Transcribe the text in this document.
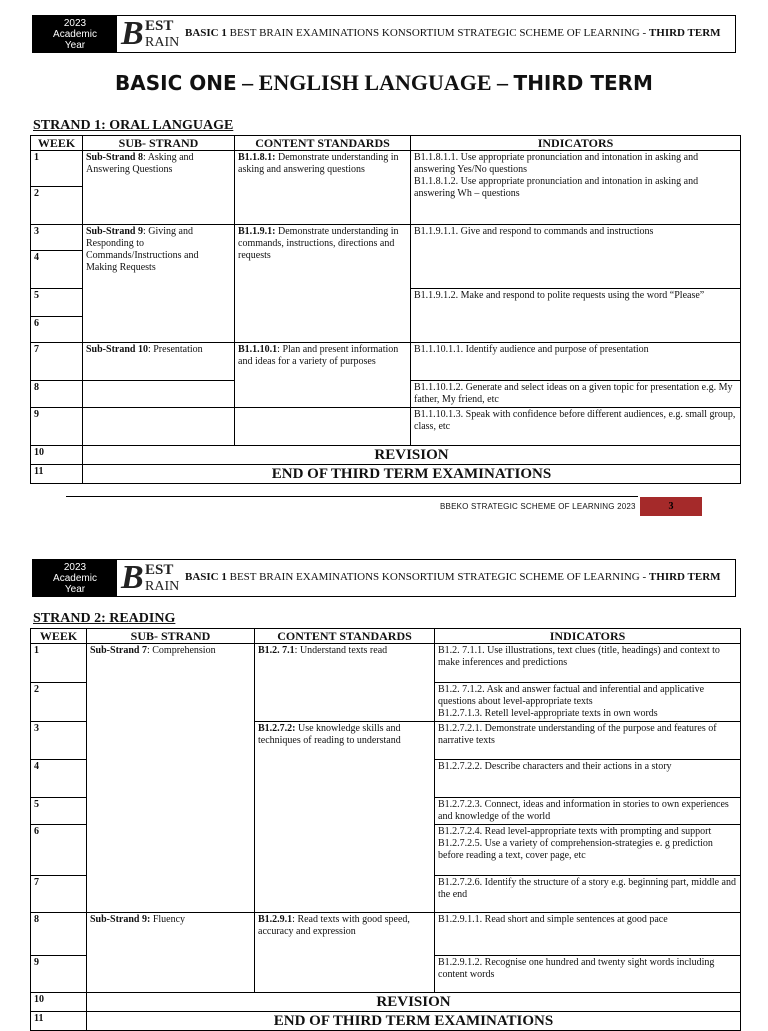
2023
Academic
Year	B EST
RAIN
BASIC 1 BEST BRAIN EXAMINATIONS KONSORTIUM STRATEGIC SCHEME OF LEARNING - THIRD TERM
BASIC ONE – ENGLISH LANGUAGE – THIRD TERM
STRAND 1: ORAL LANGUAGE
WEEK	SUB- STRAND	CONTENT STANDARDS	INDICATORS
1	Sub-Strand 8: Asking and Answering Questions	B1.1.8.1: Demonstrate understanding in asking and answering questions	B1.1.8.1.1. Use appropriate pronunciation and intonation in asking and answering Yes/No questions
B1.1.8.1.2. Use appropriate pronunciation and intonation in asking and answering Wh – questions
2			
3	Sub-Strand 9: Giving and Responding to Commands/Instructions and Making Requests	B1.1.9.1: Demonstrate understanding in commands, instructions, directions and requests	B1.1.9.1.1. Give and respond to commands and instructions
4			
5			B1.1.9.1.2. Make and respond to polite requests using the word “Please”
6			
7	Sub-Strand 10: Presentation	B1.1.10.1: Plan and present information and ideas for a variety of purposes	B1.1.10.1.1. Identify audience and purpose of presentation
8			B1.1.10.1.2. Generate and select ideas on a given topic for presentation e.g. My father, My friend, etc
9			B1.1.10.1.3. Speak with confidence before different audiences, e.g. small group, class, etc
10	REVISION		
11	END OF THIRD TERM EXAMINATIONS		
BBEKO STRATEGIC SCHEME OF LEARNING 2023	3
2023
Academic
Year	B EST
RAIN
BASIC 1 BEST BRAIN EXAMINATIONS KONSORTIUM STRATEGIC SCHEME OF LEARNING - THIRD TERM
STRAND 2: READING
WEEK	SUB- STRAND	CONTENT STANDARDS	INDICATORS
1	Sub-Strand 7: Comprehension	B1.2. 7.1: Understand texts read	B1.2. 7.1.1. Use illustrations, text clues (title, headings) and context to make inferences and predictions
2			B1.2. 7.1.2. Ask and answer factual and inferential and applicative questions about level-appropriate texts
B1.2.7.1.3. Retell level-appropriate texts in own words
3		B1.2.7.2: Use knowledge skills and techniques of reading to understand	B1.2.7.2.1. Demonstrate understanding of the purpose and features of narrative texts
4			B1.2.7.2.2. Describe characters and their actions in a story
5			B1.2.7.2.3. Connect, ideas and information in stories to own experiences and knowledge of the world
6			B1.2.7.2.4. Read level-appropriate texts with prompting and support
B1.2.7.2.5. Use a variety of comprehension-strategies e. g prediction before reading a text, cover page, etc
7			B1.2.7.2.6. Identify the structure of a story e.g. beginning part, middle and the end
8	Sub-Strand 9: Fluency	B1.2.9.1: Read texts with good speed, accuracy and expression	B1.2.9.1.1. Read short and simple sentences at good pace
9			B1.2.9.1.2. Recognise one hundred and twenty sight words including content words
10	REVISION		
11	END OF THIRD TERM EXAMINATIONS		
